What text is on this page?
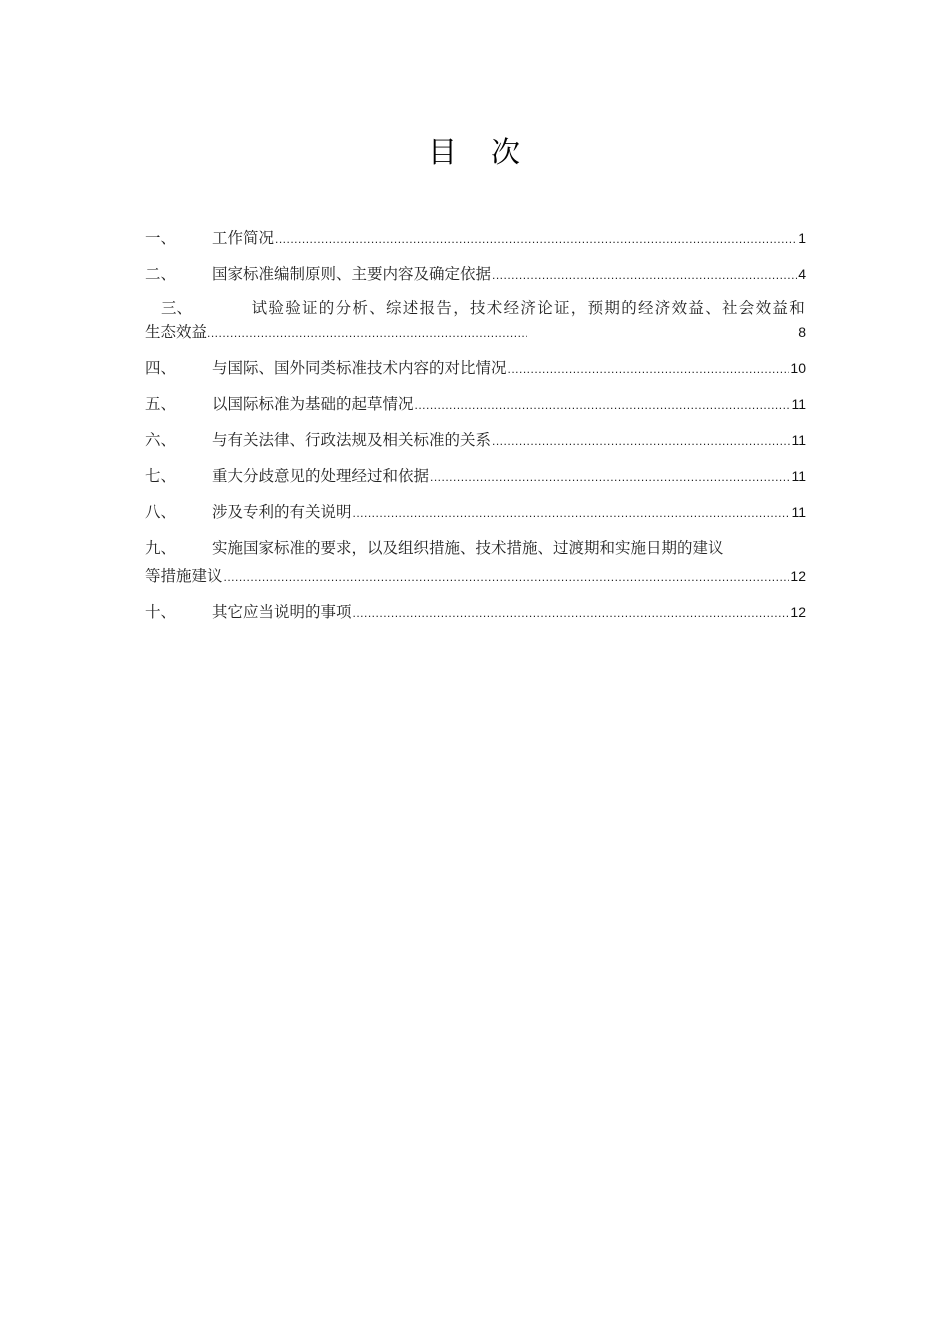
目 次
一、	工作简况 .....	1
二、	国家标准编制原则、主要内容及确定依据 .....	4
三、	试验验证的分析、综述报告，技术经济论证，预期的经济效益、社会效益和
生态效益 .....	8
四、	与国际、国外同类标准技术内容的对比情况 .....	10
五、	以国际标准为基础的起草情况 .....	11
六、	与有关法律、行政法规及相关标准的关系 .....	11
七、	重大分歧意见的处理经过和依据 .....	11
八、	涉及专利的有关说明 .....	11
九、	实施国家标准的要求，以及组织措施、技术措施、过渡期和实施日期的建议
等措施建议 .....	12
十、	其它应当说明的事项 .....	12
